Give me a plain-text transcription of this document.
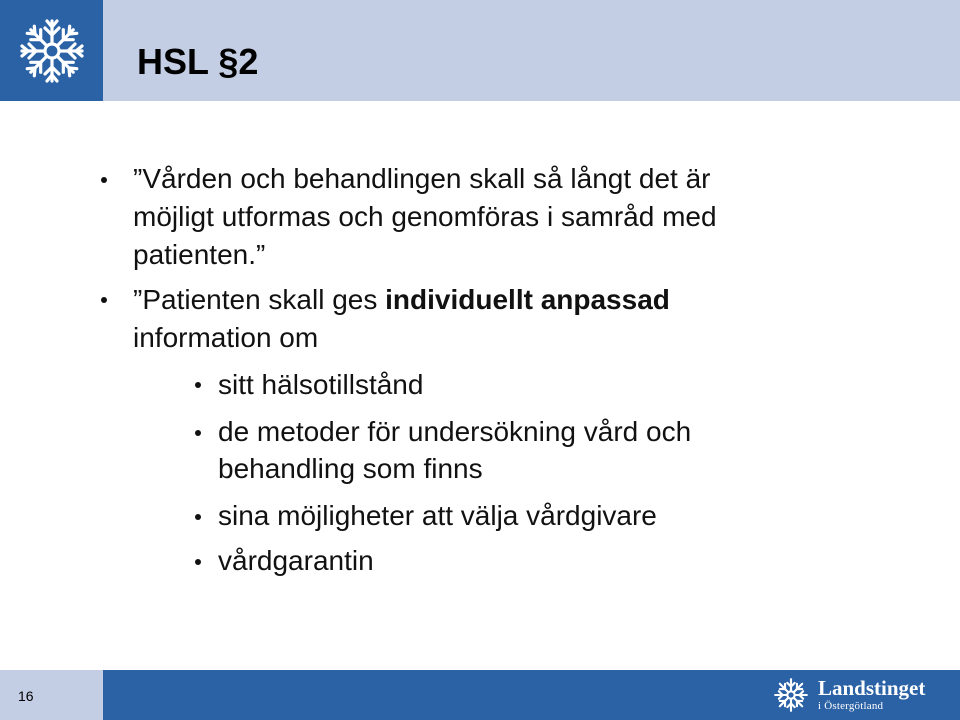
HSL §2
”Vården och behandlingen skall så långt det är
möjligt utformas och genomföras i samråd med
patienten.”
”Patienten skall ges individuellt anpassad
information om
sitt hälsotillstånd
de metoder för undersökning vård och
behandling som finns
sina möjligheter att välja vårdgivare
vårdgarantin
16	Landstinget
i Östergötland
